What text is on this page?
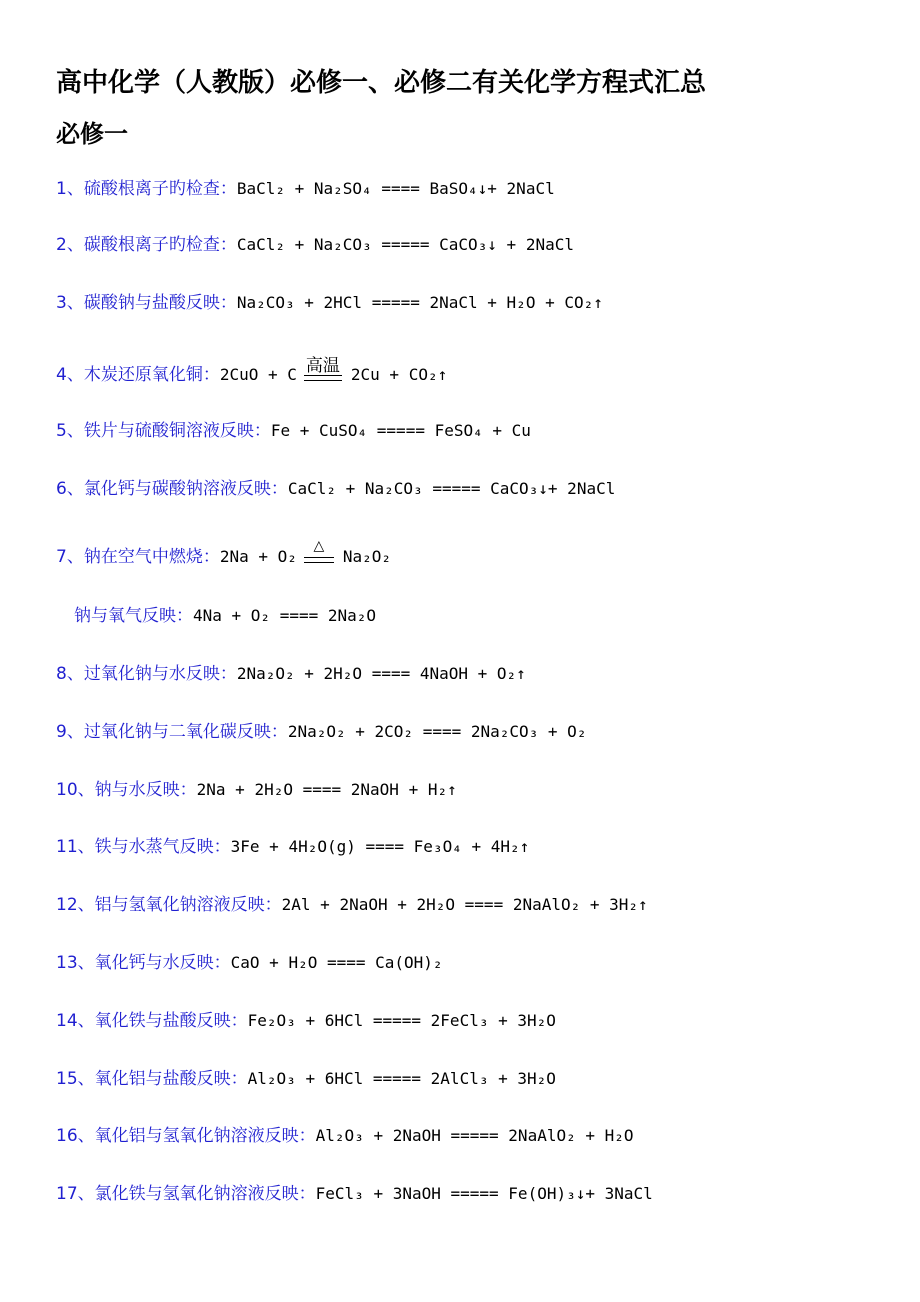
高中化学（人教版）必修一、必修二有关化学方程式汇总
必修一
1、硫酸根离子旳检查：BaCl₂ + Na₂SO₄ ==== BaSO₄↓+ 2NaCl
2、碳酸根离子旳检查：CaCl₂ + Na₂CO₃ ===== CaCO₃↓ + 2NaCl
3、碳酸钠与盐酸反映：Na₂CO₃ + 2HCl ===== 2NaCl + H₂O + CO₂↑
4、木炭还原氧化铜：2CuO + C 高温 2Cu + CO₂↑
5、铁片与硫酸铜溶液反映：Fe + CuSO₄ ===== FeSO₄ + Cu
6、氯化钙与碳酸钠溶液反映：CaCl₂ + Na₂CO₃ ===== CaCO₃↓+ 2NaCl
7、钠在空气中燃烧：2Na + O₂
△
Na₂O₂
钠与氧气反映：4Na + O₂ ==== 2Na₂O
8、过氧化钠与水反映：2Na₂O₂ + 2H₂O ==== 4NaOH + O₂↑
9、过氧化钠与二氧化碳反映：2Na₂O₂ + 2CO₂ ==== 2Na₂CO₃ + O₂
10、钠与水反映：2Na + 2H₂O ==== 2NaOH + H₂↑
11、铁与水蒸气反映：3Fe + 4H₂O(g) ==== Fe₃O₄ + 4H₂↑
12、铝与氢氧化钠溶液反映：2Al + 2NaOH + 2H₂O ==== 2NaAlO₂ + 3H₂↑
13、氧化钙与水反映：CaO + H₂O ==== Ca(OH)₂
14、氧化铁与盐酸反映：Fe₂O₃ + 6HCl ===== 2FeCl₃ + 3H₂O
15、氧化铝与盐酸反映：Al₂O₃ + 6HCl ===== 2AlCl₃ + 3H₂O
16、氧化铝与氢氧化钠溶液反映：Al₂O₃ + 2NaOH ===== 2NaAlO₂ + H₂O
17、氯化铁与氢氧化钠溶液反映：FeCl₃ + 3NaOH ===== Fe(OH)₃↓+ 3NaCl
